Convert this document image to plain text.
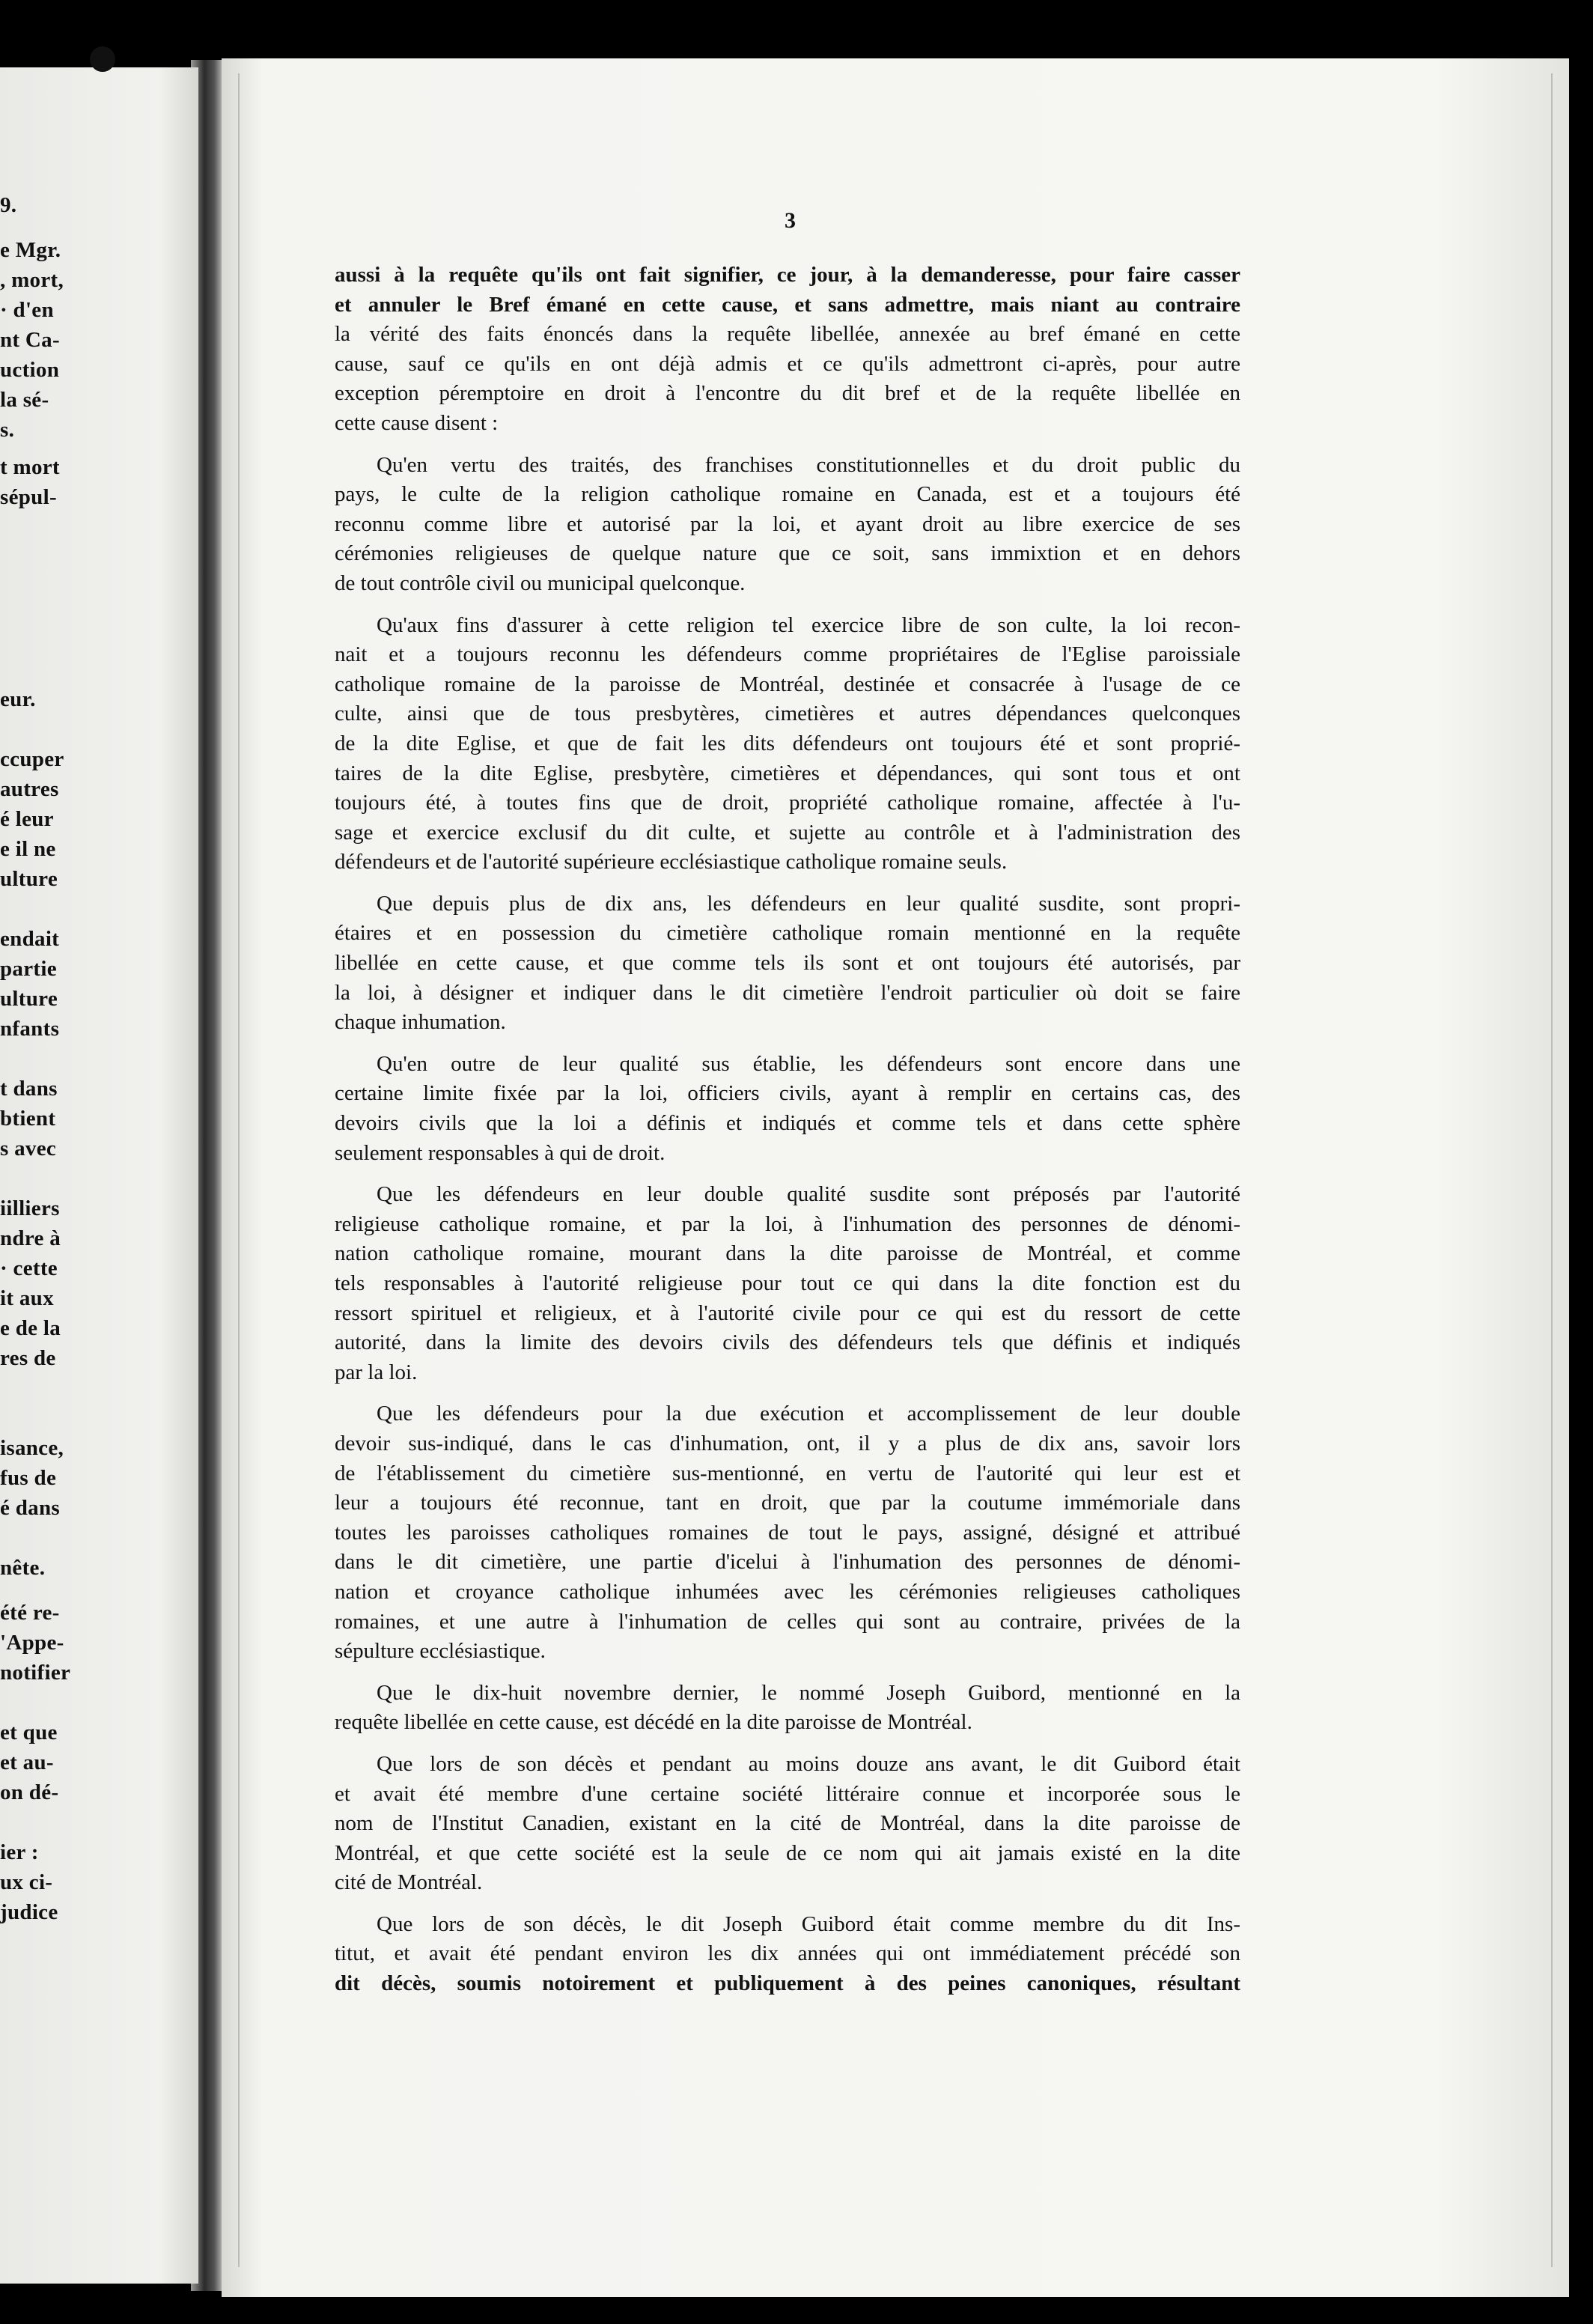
9.
e Mgr.
, mort,
· d'en
nt Ca-
uction
la sé-
s.
t mort
sépul-
eur.
ccuper
autres
é leur
e il ne
ulture
endait
partie
ulture
nfants
t dans
btient
s avec
iilliers
ndre à
· cette
it aux
e de la
res de
isance,
fus de
é dans
nête.
été re-
'Appe-
notifier
et que
et au-
on dé-
ier :
ux ci-
judice
3
aussi à la requête qu'ils ont fait signifier, ce jour, à la demanderesse, pour faire casser
et annuler le Bref émané en cette cause, et sans admettre, mais niant au contraire
la vérité des faits énoncés dans la requête libellée, annexée au bref émané en cette
cause, sauf ce qu'ils en ont déjà admis et ce qu'ils admettront ci-après, pour autre
exception péremptoire en droit à l'encontre du dit bref et de la requête libellée en
cette cause disent :
Qu'en vertu des traités, des franchises constitutionnelles et du droit public du
pays, le culte de la religion catholique romaine en Canada, est et a toujours été
reconnu comme libre et autorisé par la loi, et ayant droit au libre exercice de ses
cérémonies religieuses de quelque nature que ce soit, sans immixtion et en dehors
de tout contrôle civil ou municipal quelconque.
Qu'aux fins d'assurer à cette religion tel exercice libre de son culte, la loi recon-
nait et a toujours reconnu les défendeurs comme propriétaires de l'Eglise paroissiale
catholique romaine de la paroisse de Montréal, destinée et consacrée à l'usage de ce
culte, ainsi que de tous presbytères, cimetières et autres dépendances quelconques
de la dite Eglise, et que de fait les dits défendeurs ont toujours été et sont proprié-
taires de la dite Eglise, presbytère, cimetières et dépendances, qui sont tous et ont
toujours été, à toutes fins que de droit, propriété catholique romaine, affectée à l'u-
sage et exercice exclusif du dit culte, et sujette au contrôle et à l'administration des
défendeurs et de l'autorité supérieure ecclésiastique catholique romaine seuls.
Que depuis plus de dix ans, les défendeurs en leur qualité susdite, sont propri-
étaires et en possession du cimetière catholique romain mentionné en la requête
libellée en cette cause, et que comme tels ils sont et ont toujours été autorisés, par
la loi, à désigner et indiquer dans le dit cimetière l'endroit particulier où doit se faire
chaque inhumation.
Qu'en outre de leur qualité sus établie, les défendeurs sont encore dans une
certaine limite fixée par la loi, officiers civils, ayant à remplir en certains cas, des
devoirs civils que la loi a définis et indiqués et comme tels et dans cette sphère
seulement responsables à qui de droit.
Que les défendeurs en leur double qualité susdite sont préposés par l'autorité
religieuse catholique romaine, et par la loi, à l'inhumation des personnes de dénomi-
nation catholique romaine, mourant dans la dite paroisse de Montréal, et comme
tels responsables à l'autorité religieuse pour tout ce qui dans la dite fonction est du
ressort spirituel et religieux, et à l'autorité civile pour ce qui est du ressort de cette
autorité, dans la limite des devoirs civils des défendeurs tels que définis et indiqués
par la loi.
Que les défendeurs pour la due exécution et accomplissement de leur double
devoir sus-indiqué, dans le cas d'inhumation, ont, il y a plus de dix ans, savoir lors
de l'établissement du cimetière sus-mentionné, en vertu de l'autorité qui leur est et
leur a toujours été reconnue, tant en droit, que par la coutume immémoriale dans
toutes les paroisses catholiques romaines de tout le pays, assigné, désigné et attribué
dans le dit cimetière, une partie d'icelui à l'inhumation des personnes de dénomi-
nation et croyance catholique inhumées avec les cérémonies religieuses catholiques
romaines, et une autre à l'inhumation de celles qui sont au contraire, privées de la
sépulture ecclésiastique.
Que le dix-huit novembre dernier, le nommé Joseph Guibord, mentionné en la
requête libellée en cette cause, est décédé en la dite paroisse de Montréal.
Que lors de son décès et pendant au moins douze ans avant, le dit Guibord était
et avait été membre d'une certaine société littéraire connue et incorporée sous le
nom de l'Institut Canadien, existant en la cité de Montréal, dans la dite paroisse de
Montréal, et que cette société est la seule de ce nom qui ait jamais existé en la dite
cité de Montréal.
Que lors de son décès, le dit Joseph Guibord était comme membre du dit Ins-
titut, et avait été pendant environ les dix années qui ont immédiatement précédé son
dit décès, soumis notoirement et publiquement à des peines canoniques, résultant
